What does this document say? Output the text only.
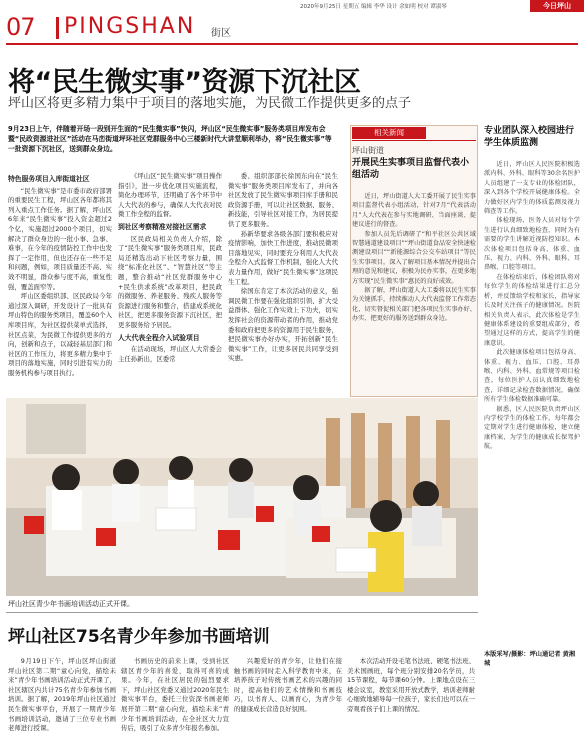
2020年9月25日 星期五 编辑 李华 设计 余如明 校对 谭淑琴	今日坪山
07 PINGSHAN 街区
将“民生微实事”资源下沉社区
坪山区将更多精力集中于项目的落地实施，为民微工作提供更多的点子
9月23日上午，伴随着开场一段别开生面的“民生微实事”快闪，坪山区“民生微实事”服务类项目库发布会暨“民政资源进社区”活动在马峦街道坪环社区党群服务中心三楼新时代大讲堂顺利举办，将“民生微实事”等一批资源下沉社区，送到群众身边。
特色服务项目入库街道社区

“民生微实事”是市委市政府部署的重要民生工程，坪山区各年都将其列入重点工作任务。据了解，坪山区6年来“民生微实事”投入资金超过2个亿，实施超过2000个项目，切实解决了群众身边的一批小事、急事、难事，在今年的疫情防控工作中也发挥了一定作用，但也还存在一些不足和问题，例如，项目质量还不高、实效不明显，群众参与度不高，重复性强，覆盖面窄等。

坪山区委组织部、区民政局今年通过深入调研，开发设计了一批具有坪山特色的服务类项目，覆盖60个入库项目库，为社区提供菜单式选择，社区点菜，为民微工作提供更多的方向，创新和点子，以减轻基层部门和社区的工作压力，将更多精力集中于项目的落地实施，同时引进有实力的服务机构参与项目执行。

《坪山区“民生微实事”项目操作指引》，进一步优化项目实施流程，简化办理环节，还明确了各个环节中人大代表的参与，确保人大代表对民微工作全程的监督。

到社区考察精准对接社区需求

区民政局相关负责人介绍，除了“民生微实事”服务类项目库，民政局还精选出动下社区考察力量，围绕“标准化社区”、“智慧社区”等主题，整合推动“社区党群服务中心+民生供求系统”改革项目，把民政的微服务、养老服务、残疾人服务等资源进行服务和整合，搭建成系统化社区，把更多服务资源下沉社区，把更多服务给予居民。

人大代表全程介入试验项目

在活动现场，坪山区人大常委会主任孙新出，区委常

委、组织部部长徐国东向在“民生微实事”服务类项目库发布了，并向各社区发放了民生微实事项目库手册和民政资源手册，可以让社区数据、服务、新技能，引导社区对接工作，为居民提供了更多服务。

孙新华要求各级各部门要积极应对疫情影响，加快工作进度，推动民微项目落地见实，同时要充分利用人大代表全程介入式监督工作机制，强化人大代表力量作用，做好“民生微实事”这项民生工程。

徐国东肯定了本次活动的意义，强调民微工作要在强化组织引领、扩大受益群体、强化工作实效上下功夫，切实发挥社会的资源带动者的作用，推动党委和政府把更多的资源用于民生服务，把民微实事办好办实，开拓创新“民生微实事”工作，让更多居民共同享受到实惠。

相关新闻
坪山街道
开展民生实事项目监督代表小组活动

近日，坪山街道人大工委开展了民生实事项目监督代表小组活动，针对7月“代表活动月”人大代表在参与实地调研、当面座谈、提建议进行的督查。

参加人员先后调研了“和平社区公共区域智慧通道建设项目”“坪山街道食品安全快速检测建设项目”“新能源综合公交车站项目”等民生实事项目，深入了解项目基本情况并提出合理的意见和建议，积极为民办实事，在更多地方实现“民生微实事”惠民的良好成效。

据了解，坪山街道人大工委将以民生实事为关键抓手，持续推动人大代表监督工作常态化，切实督促相关部门把各项民生实事办好、办实、把更好的服务送到群众身边。

专业团队深入校园进行学生体质监测

近日，坪山区人民医院积极选派内科、外科、眼科等30余名医护人员组建了一支专业的体检团队，深入到各个学校开展健康体检。全力做好区内学生的体质监测及视力筛查等工作。

体检现场，医务人员对每个学生进行认真细致地检查，同时为有需要的学生讲解近视防控知识。本次体检项目包括身高、体重、血压、视力、内科、外科、眼科、耳鼻喉、口腔等项目。

在体检结束后，体检团队将对每位学生的体检结果进行汇总分析，并反馈给学校和家长，指导家长及时关注孩子的健康情况。医院相关负责人表示，此次体检是学生健康体系建设的重要组成部分，希望通过这样的方式，提高学生的健康意识。

此次健康体检项目包括身高、体重、视力、血压、口腔、耳鼻喉、内科、外科、血常规等项目检查。每位医护人员认真细致地检查，详细记录检查数据情况，确保所有学生体检数据准确可靠。

据悉，区人民医院负责坪山区内学校学生的体检工作，每年都会定期对学生进行健康体检，建立健康档案，为学生的健康成长保驾护航。

本版采写/摄影：坪山通记者 黄湘城
坪山社区青少年书画培训活动正式开课。
坪山社区75名青少年参加书画培训

9月19日下午，坪山区坪山街道坪山社区第二期“童心向党，描绘未来”青少年书画培训活动正式开课了，社区辖区内共计75名青少年参加书画培训。据了解，2019年坪山社区通过民生微实事平台，开展了一期青少年书画培训活动，邀请了三位专业书画老师进行授课。

书画历史的前来上课，受到社区辖区青少年的喜爱，取得可喜的成果。今年，在社区居民的强烈要求下，坪山社区党委又通过2020年民生微实事平台，委托三位资深书画老师展开第二期“童心向党，描绘未来”青少年书画培训活动，在全社区大力宣传后，吸引了众多青少年报名参加。

兴趣爱好的青少年，让他们在接触书画的同时走入科学教育中来，在培养孩子对传统书画艺术的兴趣的同时，提高他们的艺术情操和书画技巧，以书育人、以画育心，为青少年的健康成长营造良好氛围。

本次活动开设毛笔书法班、硬笔书法班、美术国画班，每个班分别安排20名学员，共15节课程，每节课60分钟。上课地点设在三楼会议室，教室采用开放式教学，培训老师耐心细致地辅导每一位孩子，家长们也可以在一旁观看孩子们上课的情况。
